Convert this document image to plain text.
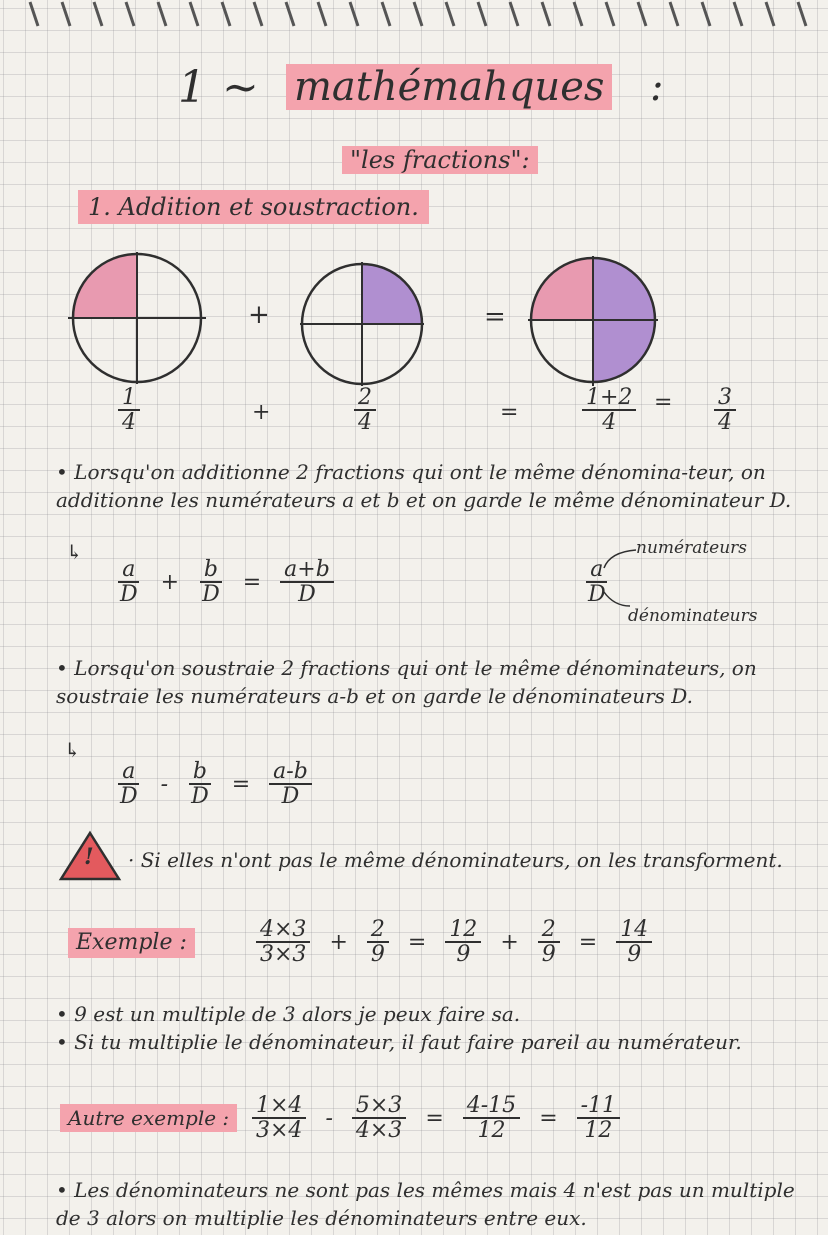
1 ~ mathémahques :
"les fractions":
1. Addition et soustraction.
+	=
$\frac{1}{4}$	+	$\frac{2}{4}$	=	$\frac{1+2}{4} = \frac{3}{4}$
• Lorsqu'on additionne 2 fractions qui ont le même dénomina-teur, on additionne les numérateurs a et b et on garde le même dénominateur D.
↳
$\frac{a}{D} + \frac{b}{D} = \frac{a+b}{D}$	$\frac{a}{D}$
numérateurs
dénominateurs
• Lorsqu'on soustraie 2 fractions qui ont le même dénominateurs, on soustraie les numérateurs a-b et on garde le dénominateurs D.
↳
$\frac{a}{D} - \frac{b}{D} = \frac{a-b}{D}$
! · Si elles n'ont pas le même dénominateurs, on les transforment.
Exemple :	$\frac{4\times 3}{3\times 3} + \frac{2}{9} = \frac{12}{9} + \frac{2}{9} = \frac{14}{9}$
• 9 est un multiple de 3 alors je peux faire sa.
• Si tu multiplie le dénominateur, il faut faire pareil au numérateur.
Autre exemple :	$\frac{1\times 4}{3\times 4} - \frac{5\times 3}{4\times 3} = \frac{4-15}{12} = \frac{-11}{12}$
• Les dénominateurs ne sont pas les mêmes mais 4 n'est pas un multiple de 3 alors on multiplie les dénominateurs entre eux.
